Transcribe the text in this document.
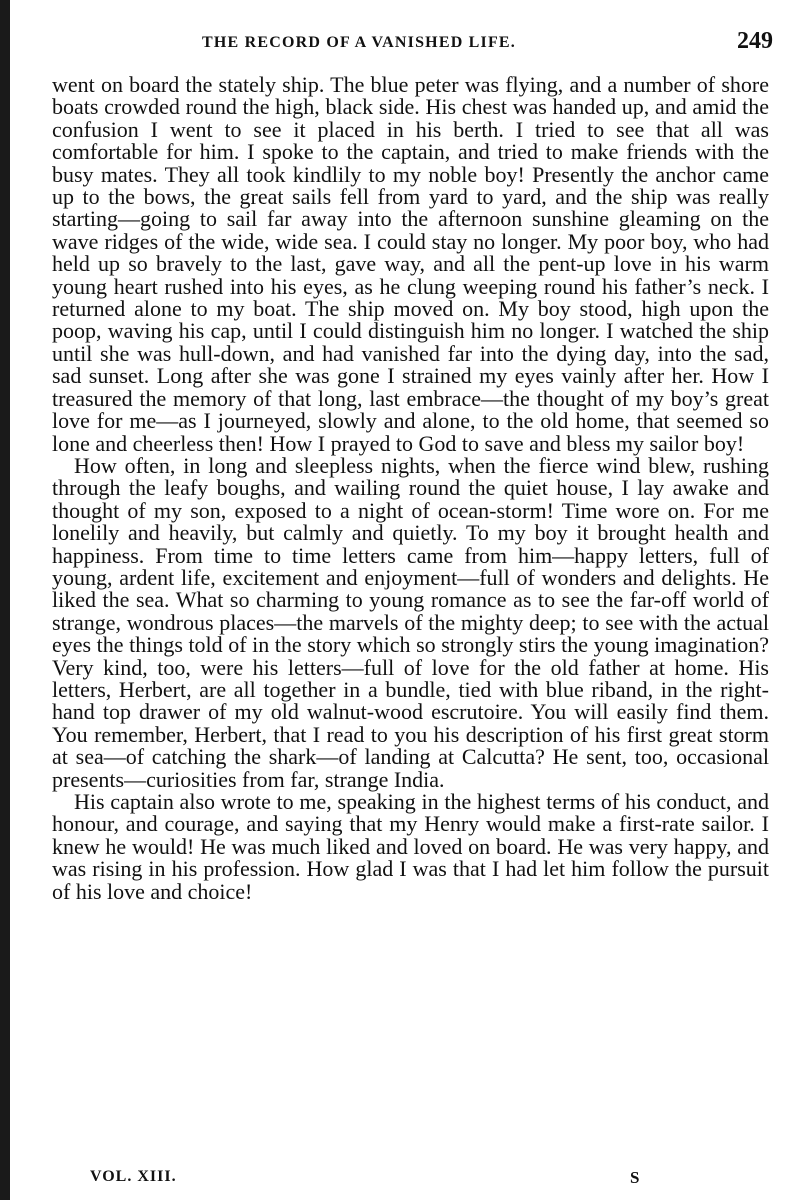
THE RECORD OF A VANISHED LIFE.	249

went on board the stately ship. The blue peter was flying, and a number of shore boats crowded round the high, black side. His chest was handed up, and amid the confusion I went to see it placed in his berth. I tried to see that all was comfortable for him. I spoke to the captain, and tried to make friends with the busy mates. They all took kindlily to my noble boy! Presently the anchor came up to the bows, the great sails fell from yard to yard, and the ship was really starting—going to sail far away into the afternoon sunshine gleaming on the wave ridges of the wide, wide sea. I could stay no longer. My poor boy, who had held up so bravely to the last, gave way, and all the pent-up love in his warm young heart rushed into his eyes, as he clung weeping round his father’s neck. I returned alone to my boat. The ship moved on. My boy stood, high upon the poop, waving his cap, until I could distinguish him no longer. I watched the ship until she was hull-down, and had vanished far into the dying day, into the sad, sad sunset. Long after she was gone I strained my eyes vainly after her. How I treasured the memory of that long, last embrace—the thought of my boy’s great love for me—as I journeyed, slowly and alone, to the old home, that seemed so lone and cheerless then! How I prayed to God to save and bless my sailor boy!

How often, in long and sleepless nights, when the fierce wind blew, rushing through the leafy boughs, and wailing round the quiet house, I lay awake and thought of my son, exposed to a night of ocean-storm! Time wore on. For me lonelily and heavily, but calmly and quietly. To my boy it brought health and happiness. From time to time letters came from him—happy letters, full of young, ardent life, excitement and enjoyment—full of wonders and delights. He liked the sea. What so charming to young romance as to see the far-off world of strange, wondrous places—the marvels of the mighty deep; to see with the actual eyes the things told of in the story which so strongly stirs the young imagination? Very kind, too, were his letters—full of love for the old father at home. His letters, Herbert, are all together in a bundle, tied with blue riband, in the right-hand top drawer of my old walnut-wood escrutoire. You will easily find them. You remember, Herbert, that I read to you his description of his first great storm at sea—of catching the shark—of landing at Calcutta? He sent, too, occasional presents—curiosities from far, strange India.

His captain also wrote to me, speaking in the highest terms of his conduct, and honour, and courage, and saying that my Henry would make a first-rate sailor. I knew he would! He was much liked and loved on board. He was very happy, and was rising in his profession. How glad I was that I had let him follow the pursuit of his love and choice!

VOL. XIII.	S
